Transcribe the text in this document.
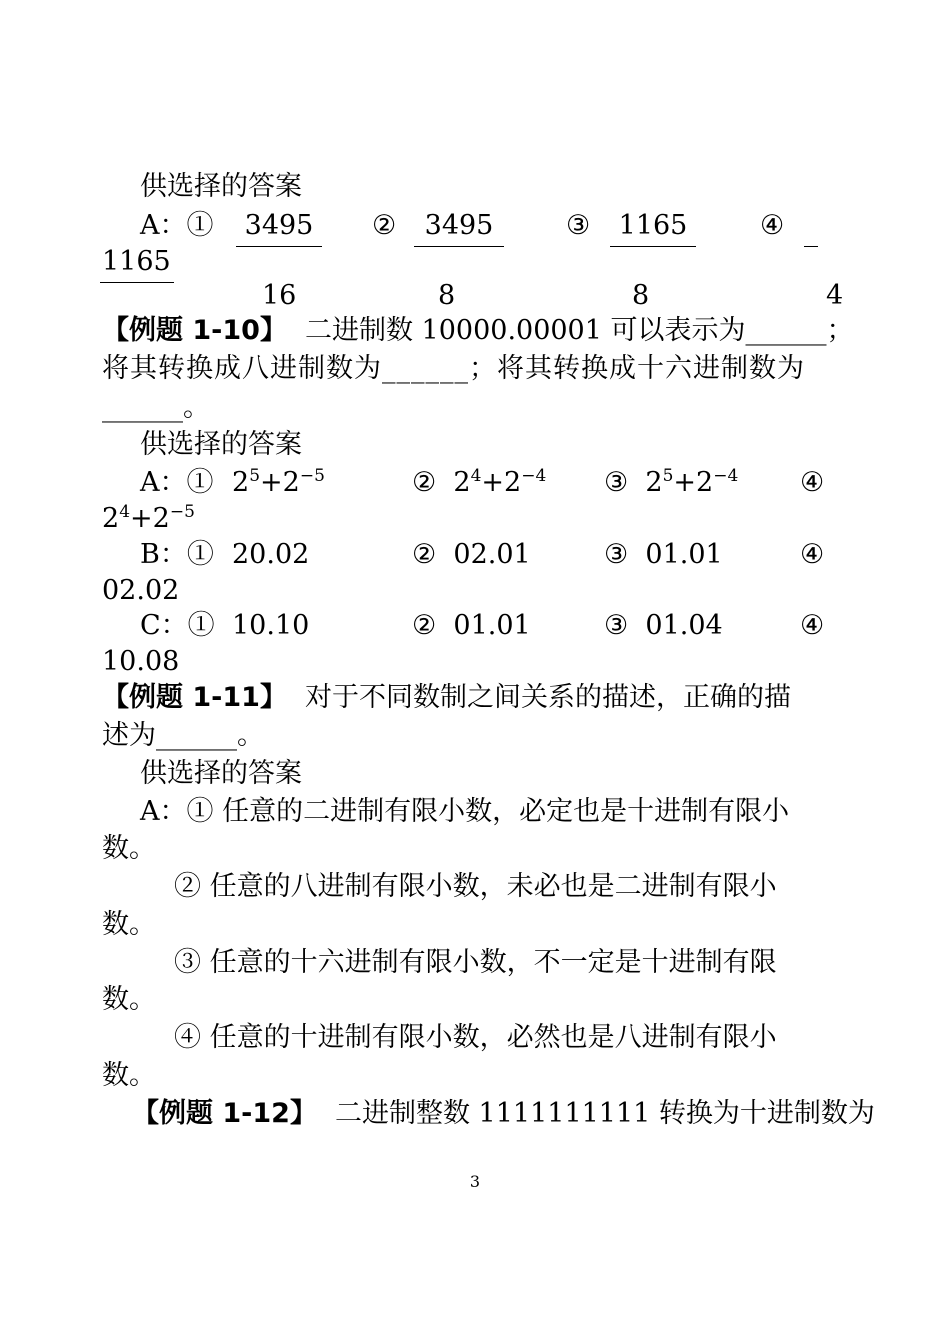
供选择的答案
A：①	3495
16
②	3495
8
③	1165
8
④
1165
4
【例题 1-10】 二进制数 10000.00001 可以表示为______；
将其转换成八进制数为______；将其转换成十六进制数为
______。
供选择的答案
A：① $2^5+2^{-5}$	② $2^4+2^{-4}$ ③ $2^5+2^{-4}$ ④
$2^4+2^{-5}$
B：① 20.02	② 02.01	③ 01.01	④
02.02
C：① 10.10	② 01.01	③ 01.04	④
10.08
【例题 1-11】 对于不同数制之间关系的描述，正确的描
述为______。
供选择的答案
A：① 任意的二进制有限小数，必定也是十进制有限小
数。
② 任意的八进制有限小数，未必也是二进制有限小
数。
③ 任意的十六进制有限小数，不一定是十进制有限
数。
④ 任意的十进制有限小数，必然也是八进制有限小
数。
【例题 1-12】 二进制整数 1111111111 转换为十进制数为
3
